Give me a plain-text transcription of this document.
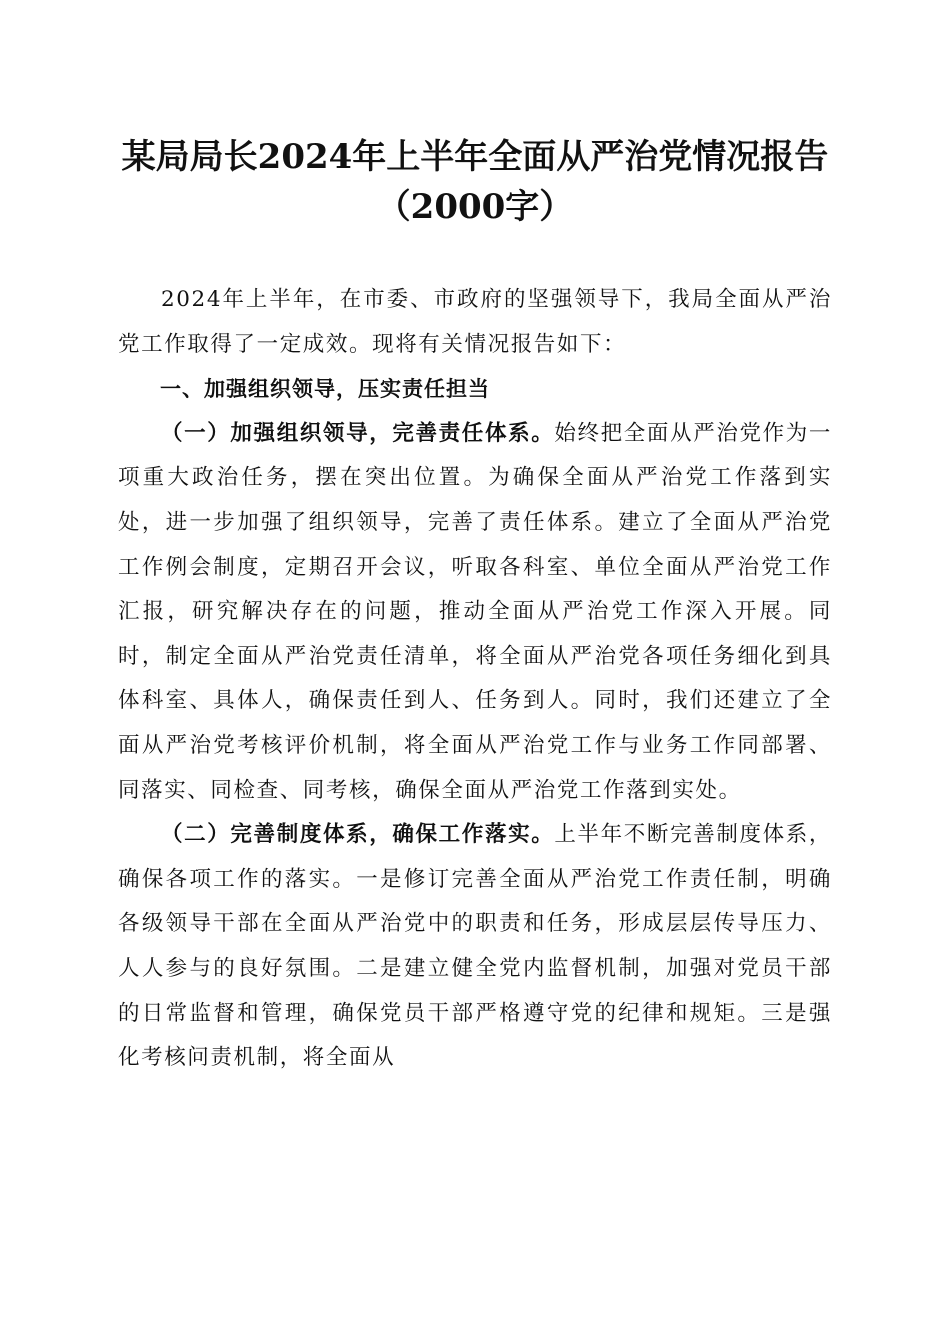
某局局长2024年上半年全面从严治党情况报告（2000字）

2024年上半年，在市委、市政府的坚强领导下，我局全面从严治党工作取得了一定成效。现将有关情况报告如下：

一、加强组织领导，压实责任担当

（一）加强组织领导，完善责任体系。始终把全面从严治党作为一项重大政治任务，摆在突出位置。为确保全面从严治党工作落到实处，进一步加强了组织领导，完善了责任体系。建立了全面从严治党工作例会制度，定期召开会议，听取各科室、单位全面从严治党工作汇报，研究解决存在的问题，推动全面从严治党工作深入开展。同时，制定全面从严治党责任清单，将全面从严治党各项任务细化到具体科室、具体人，确保责任到人、任务到人。同时，我们还建立了全面从严治党考核评价机制，将全面从严治党工作与业务工作同部署、同落实、同检查、同考核，确保全面从严治党工作落到实处。

（二）完善制度体系，确保工作落实。上半年不断完善制度体系，确保各项工作的落实。一是修订完善全面从严治党工作责任制，明确各级领导干部在全面从严治党中的职责和任务，形成层层传导压力、人人参与的良好氛围。二是建立健全党内监督机制，加强对党员干部的日常监督和管理，确保党员干部严格遵守党的纪律和规矩。三是强化考核问责机制，将全面从
